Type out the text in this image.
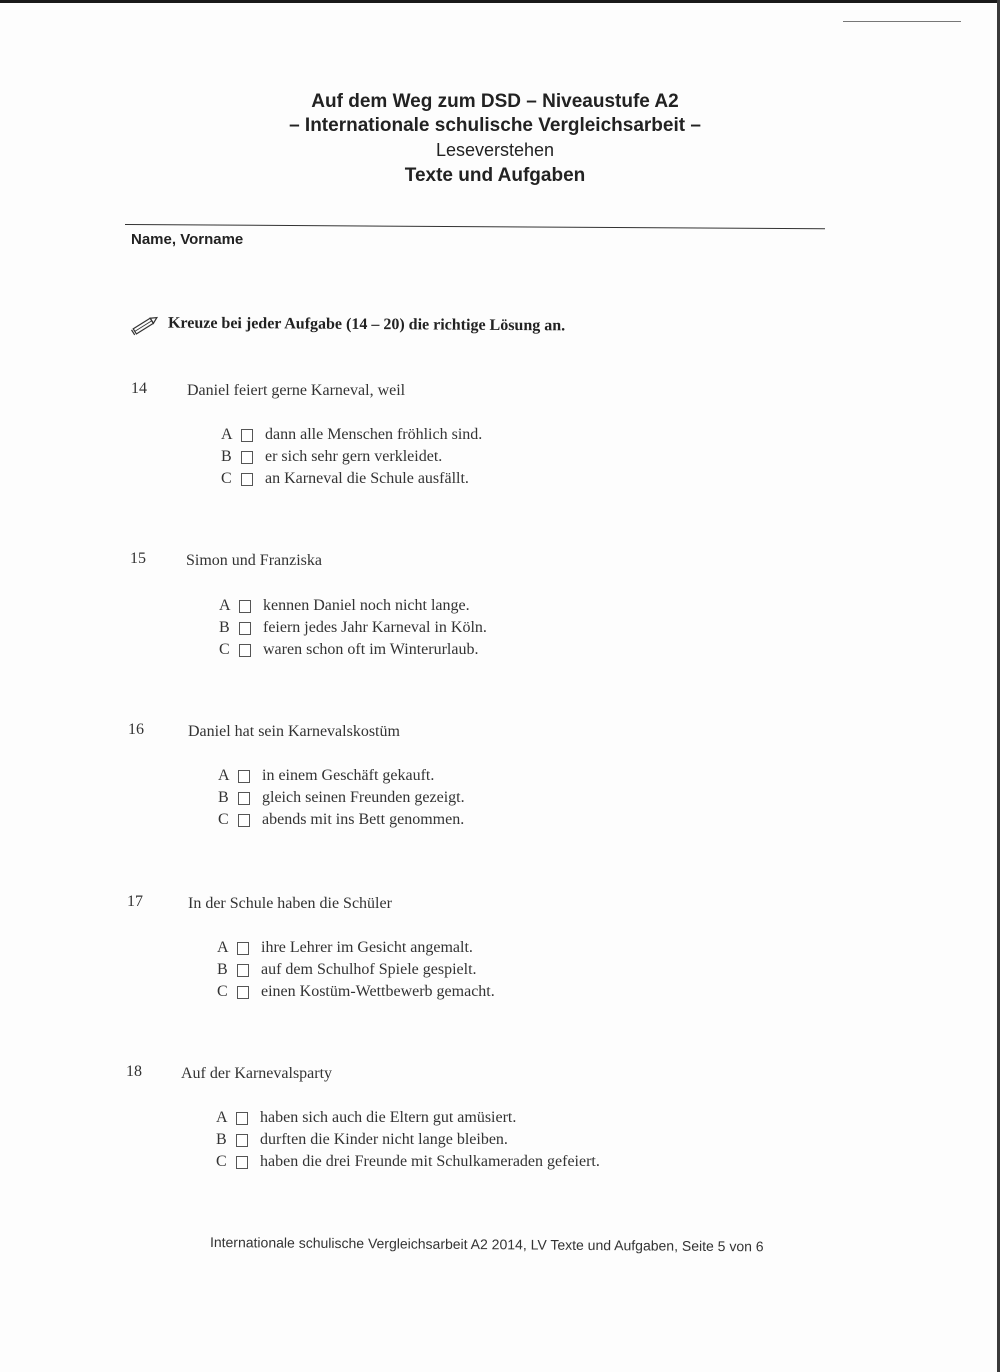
Auf dem Weg zum DSD – Niveaustufe A2
– Internationale schulische Vergleichsarbeit –
Leseverstehen
Texte und Aufgaben
Name, Vorname
Kreuze bei jeder Aufgabe (14 – 20) die richtige Lösung an.
14	Daniel feiert gerne Karneval, weil
A dann alle Menschen fröhlich sind.
B er sich sehr gern verkleidet.
C an Karneval die Schule ausfällt.
15	Simon und Franziska
A kennen Daniel noch nicht lange.
B feiern jedes Jahr Karneval in Köln.
C waren schon oft im Winterurlaub.
16	Daniel hat sein Karnevalskostüm
A in einem Geschäft gekauft.
B gleich seinen Freunden gezeigt.
C abends mit ins Bett genommen.
17	In der Schule haben die Schüler
A ihre Lehrer im Gesicht angemalt.
B auf dem Schulhof Spiele gespielt.
C einen Kostüm-Wettbewerb gemacht.
18 Auf der Karnevalsparty
A haben sich auch die Eltern gut amüsiert.
B durften die Kinder nicht lange bleiben.
C haben die drei Freunde mit Schulkameraden gefeiert.
Internationale schulische Vergleichsarbeit A2 2014, LV Texte und Aufgaben, Seite 5 von 6
